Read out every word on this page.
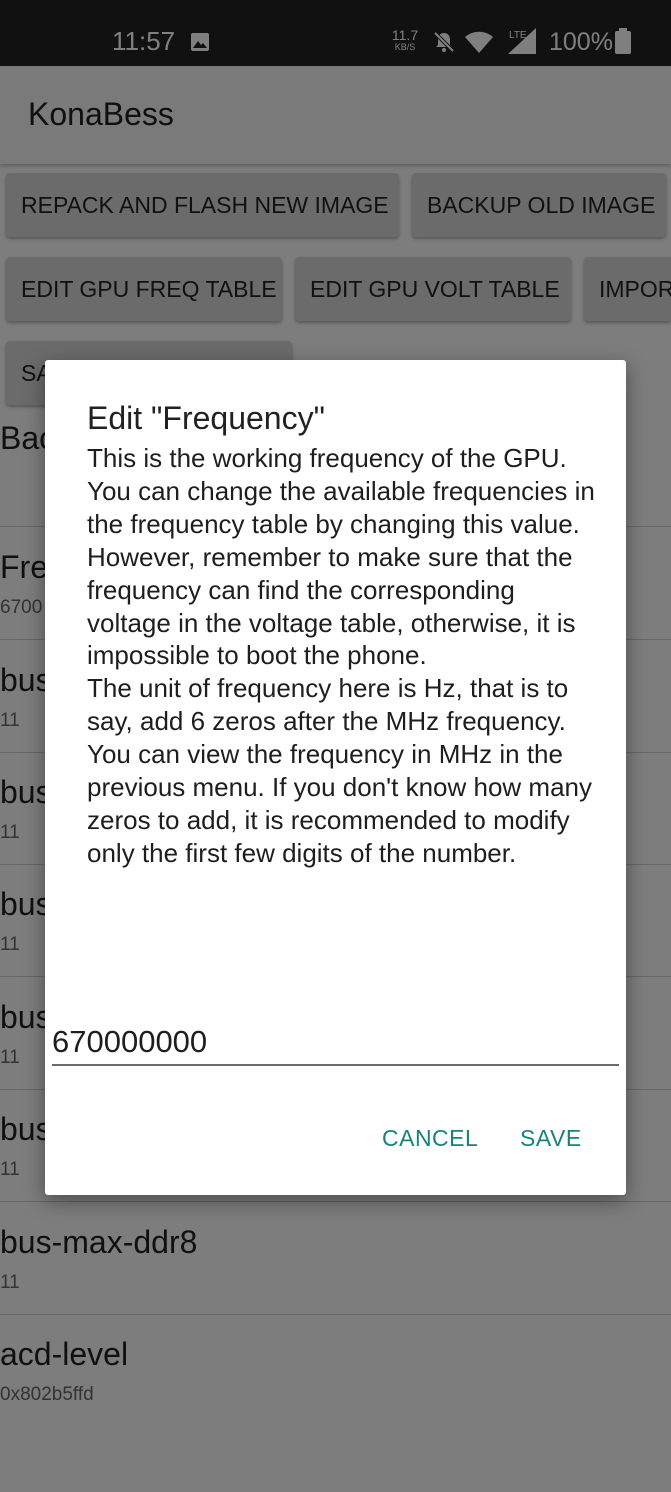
Edit "Frequency"
This is the working frequency of the GPU. You can change the available frequencies in the frequency table by changing this value.
However, remember to make sure that the frequency can find the corresponding voltage in the voltage table, otherwise, it is impossible to boot the phone.
The unit of frequency here is Hz, that is to say, add 6 zeros after the MHz frequency. You can view the frequency in MHz in the previous menu. If you don't know how many zeros to add, it is recommended to modify only the first few digits of the number.
670000000
CANCEL SAVE
